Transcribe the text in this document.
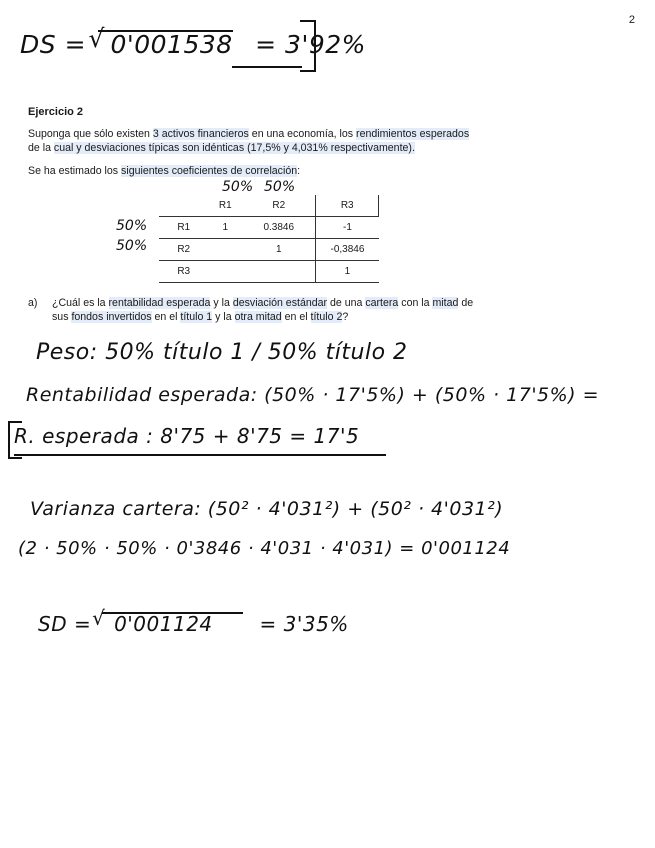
2
DS = √ 0'001538 = 3'92%
Ejercicio 2
Suponga que sólo existen 3 activos financieros en una economía, los rendimientos esperados
de la cual y desviaciones típicas son idénticas (17,5% y 4,031% respectivamente).
Se ha estimado los siguientes coeficientes de correlación:
50% 50%
50%
50%
	R1	R2	R3
R1	1	0.3846	-1
R2		1	-0,3846
R3			1
a) ¿Cuál es la rentabilidad esperada y la desviación estándar de una cartera con la mitad de
sus fondos invertidos en el título 1 y la otra mitad en el título 2?
Peso: 50% título 1 / 50% título 2
Rentabilidad esperada: (50% · 17'5%) + (50% · 17'5%) =
R. esperada : 8'75 + 8'75 = 17'5
Varianza cartera: (50² · 4'031²) + (50² · 4'031²)
(2 · 50% · 50% · 0'3846 · 4'031 · 4'031) = 0'001124
SD = √ 0'001124 = 3'35%
